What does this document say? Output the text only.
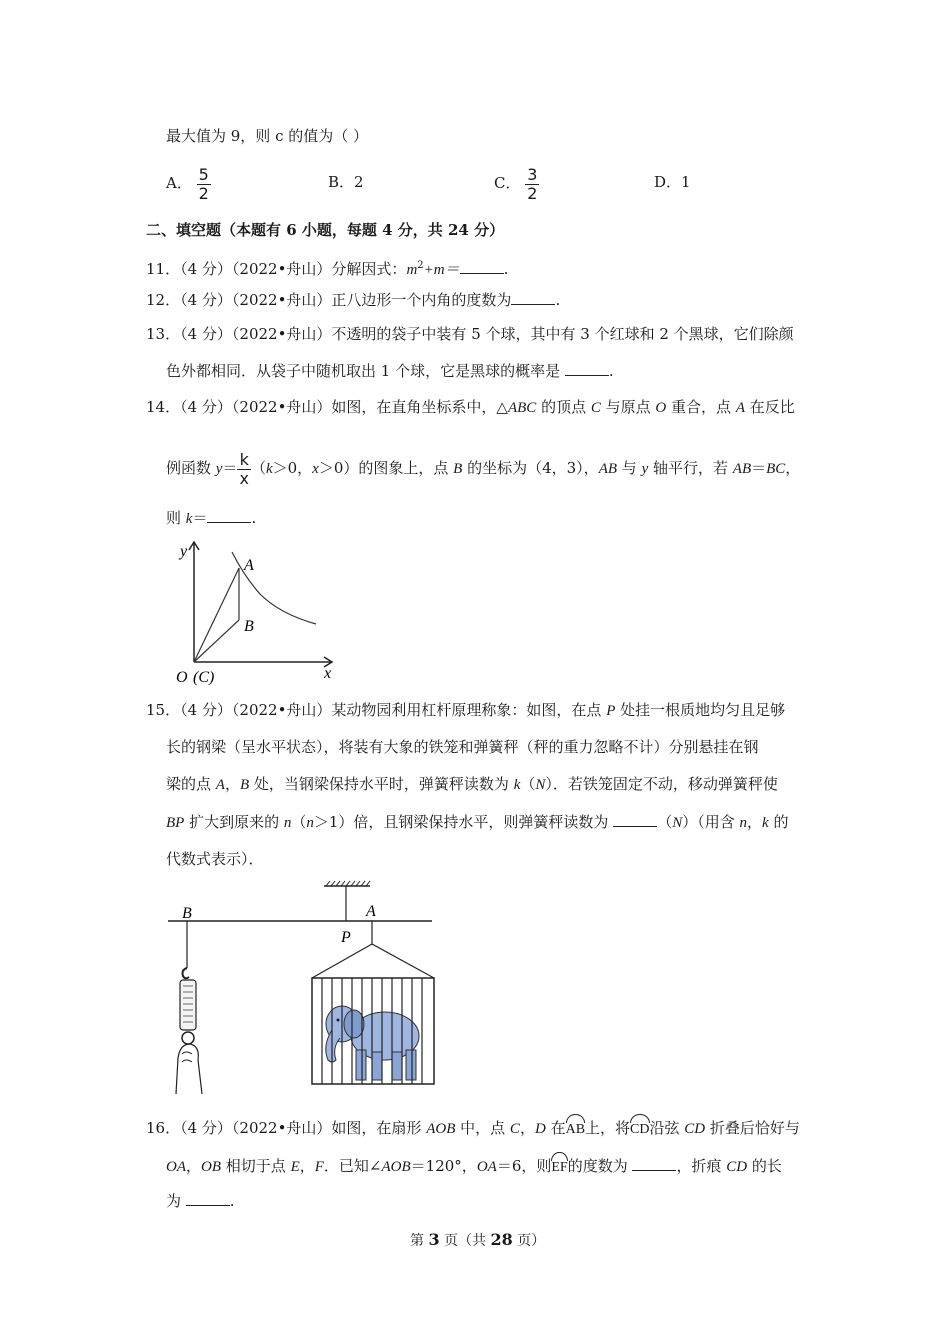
最大值为 9，则 c 的值为（ ）
A． $\frac{5}{2}$	B．2	C． $\frac{3}{2}$	D．1
二、填空题（本题有 6 小题，每题 4 分，共 24 分）
11．（4 分）（2022•舟山）分解因式：$m^2+m=$	.
12．（4 分）（2022•舟山）正八边形一个内角的度数为	.
13．（4 分）（2022•舟山）不透明的袋子中装有 5 个球，其中有 3 个红球和 2 个黑球，它们除颜
色外都相同．从袋子中随机取出 1 个球，它是黑球的概率是	.
14．（4 分）（2022•舟山）如图，在直角坐标系中，△ABC 的顶点 C 与原点 O 重合，点 A 在反比
例函数 $y= \frac{k}{x} (k>0$，x＞0）的图象上，点 B 的坐标为（4，3），AB 与 y 轴平行，若 AB＝BC，
则 k＝	.
y
x
A
B
O (C)
15．（4 分）（2022•舟山）某动物园利用杠杆原理称象：如图，在点 P 处挂一根质地均匀且足够
长的钢梁（呈水平状态），将装有大象的铁笼和弹簧秤（秤的重力忽略不计）分别悬挂在钢
梁的点 A，B 处，当钢梁保持水平时，弹簧秤读数为 k（N）．若铁笼固定不动，移动弹簧秤使
BP 扩大到原来的 n（n＞1）倍，且钢梁保持水平，则弹簧秤读数为	（N）（用含 n，k 的
代数式表示）．
B	A
P
16．（4 分）（2022•舟山）如图，在扇形 AOB 中，点 C，D 在AB上，将CD沿弦 CD 折叠后恰好与
OA，OB 相切于点 E，F．已知∠AOB＝120°，OA＝6，则EF的度数为	，折痕 CD 的长
为	.
第 3 页（共 28 页）
